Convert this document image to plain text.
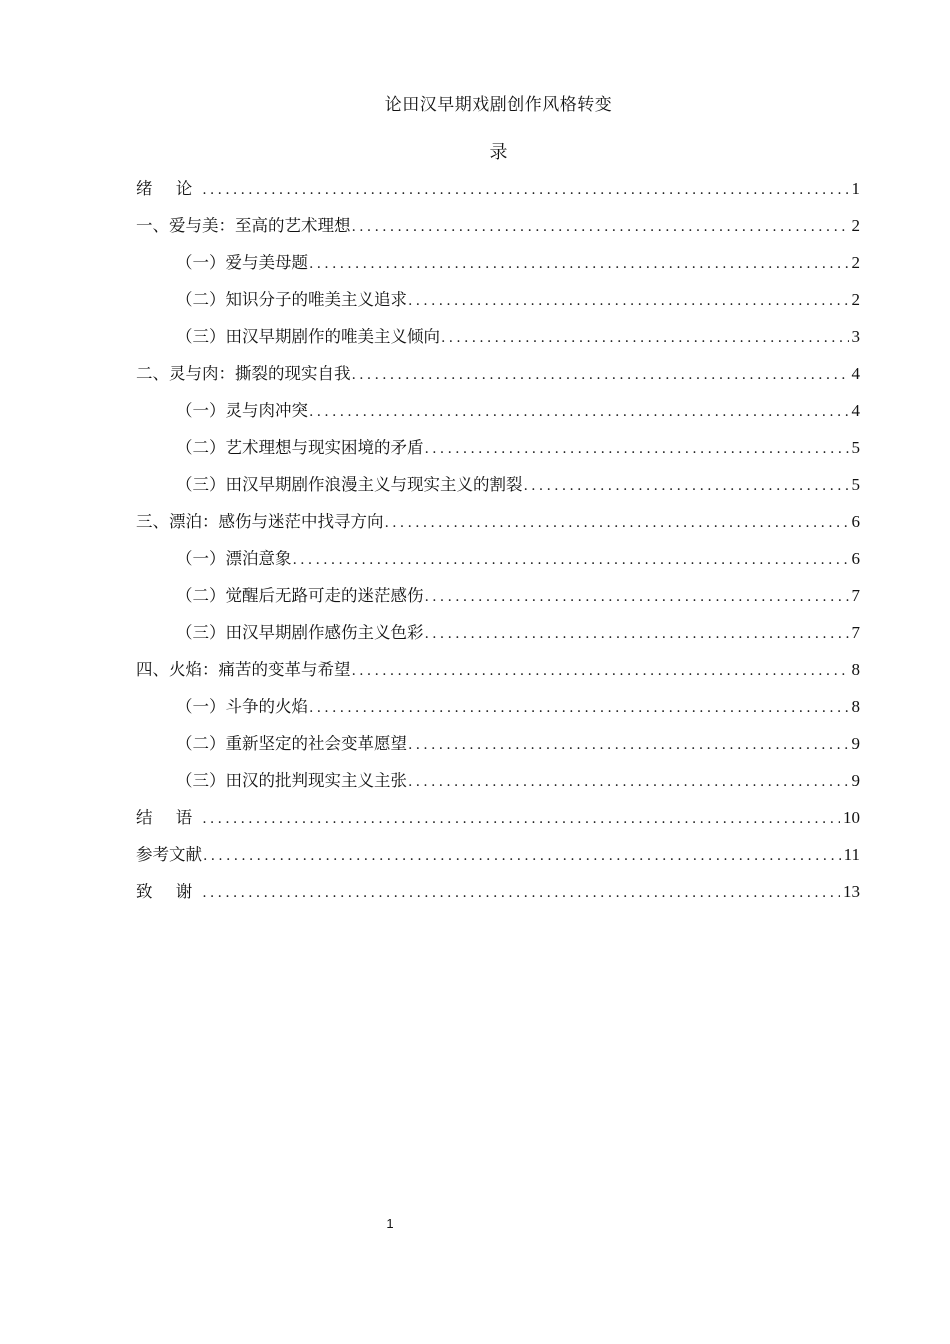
论田汉早期戏剧创作风格转变
录
绪 论 .....	1
一、爱与美：至高的艺术理想 .....	2
（一）爱与美母题 .....	2
（二）知识分子的唯美主义追求 .....	2
（三）田汉早期剧作的唯美主义倾向 .....	3
二、灵与肉：撕裂的现实自我 .....	4
（一）灵与肉冲突 .....	4
（二）艺术理想与现实困境的矛盾 .....	5
（三）田汉早期剧作浪漫主义与现实主义的割裂 .....	5
三、漂泊：感伤与迷茫中找寻方向 .....	6
（一）漂泊意象 .....	6
（二）觉醒后无路可走的迷茫感伤 .....	7
（三）田汉早期剧作感伤主义色彩 .....	7
四、火焰：痛苦的变革与希望 .....	8
（一）斗争的火焰 .....	8
（二）重新坚定的社会变革愿望 .....	9
（三）田汉的批判现实主义主张 .....	9
结 语 .....	10
参考文献 .....	11
致 谢 .....	13
1
